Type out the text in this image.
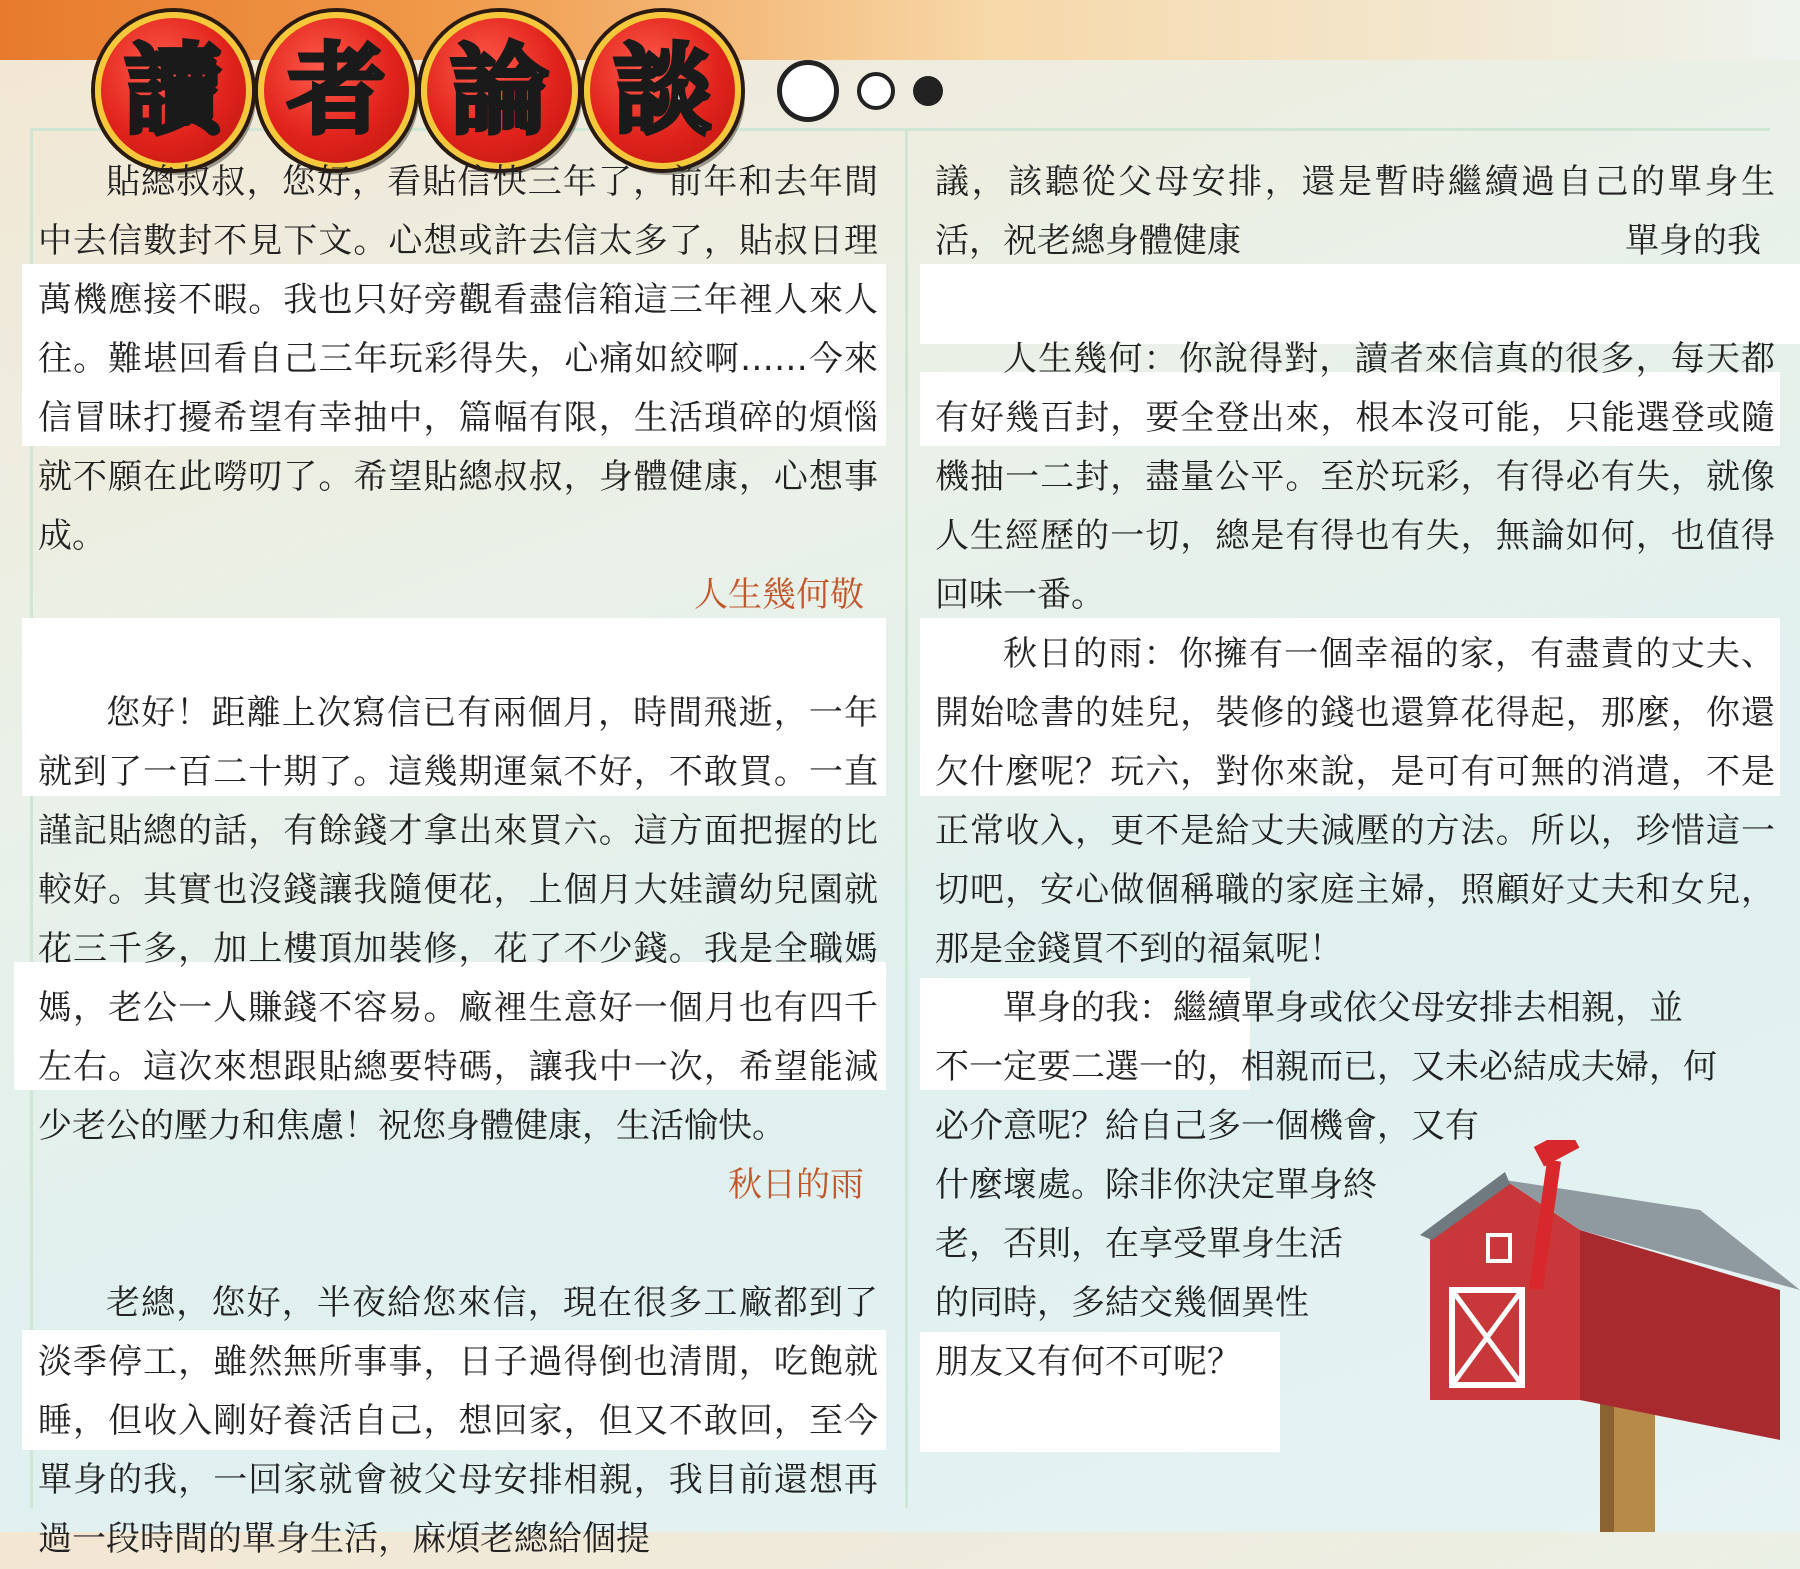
讀 者 論 談

貼總叔叔，您好，看貼信快三年了，前年和去年間中去信數封不見下文。心想或許去信太多了，貼叔日理萬機應接不暇。我也只好旁觀看盡信箱這三年裡人來人往。難堪回看自己三年玩彩得失，心痛如絞啊……今來信冒昧打擾希望有幸抽中，篇幅有限，生活瑣碎的煩惱就不願在此嘮叨了。希望貼總叔叔，身體健康，心想事成。

人生幾何敬

您好！距離上次寫信已有兩個月，時間飛逝，一年就到了一百二十期了。這幾期運氣不好，不敢買。一直謹記貼總的話，有餘錢才拿出來買六。這方面把握的比較好。其實也沒錢讓我隨便花，上個月大娃讀幼兒園就花三千多，加上樓頂加裝修，花了不少錢。我是全職媽媽，老公一人賺錢不容易。廠裡生意好一個月也有四千左右。這次來想跟貼總要特碼，讓我中一次，希望能減少老公的壓力和焦慮！祝您身體健康，生活愉快。

秋日的雨

老總，您好，半夜給您來信，現在很多工廠都到了淡季停工，雖然無所事事，日子過得倒也清閒，吃飽就睡，但收入剛好養活自己，想回家，但又不敢回，至今單身的我，一回家就會被父母安排相親，我目前還想再過一段時間的單身生活，麻煩老總給個提

議，該聽從父母安排，還是暫時繼續過自己的單身生活，祝老總身體健康	單身的我

人生幾何：你說得對，讀者來信真的很多，每天都有好幾百封，要全登出來，根本沒可能，只能選登或隨機抽一二封，盡量公平。至於玩彩，有得必有失，就像人生經歷的一切，總是有得也有失，無論如何，也值得回味一番。

秋日的雨：你擁有一個幸福的家，有盡責的丈夫、開始唸書的娃兒，裝修的錢也還算花得起，那麼，你還欠什麼呢？玩六，對你來說，是可有可無的消遣，不是正常收入，更不是給丈夫減壓的方法。所以，珍惜這一切吧，安心做個稱職的家庭主婦，照顧好丈夫和女兒，那是金錢買不到的福氣呢！

單身的我：繼續單身或依父母安排去相親，並
不一定要二選一的，相親而已，又未必結成夫婦，何
必介意呢？給自己多一個機會，又有
什麼壞處。除非你決定單身終
老，否則，在享受單身生活
的同時，多結交幾個異性
朋友又有何不可呢？
